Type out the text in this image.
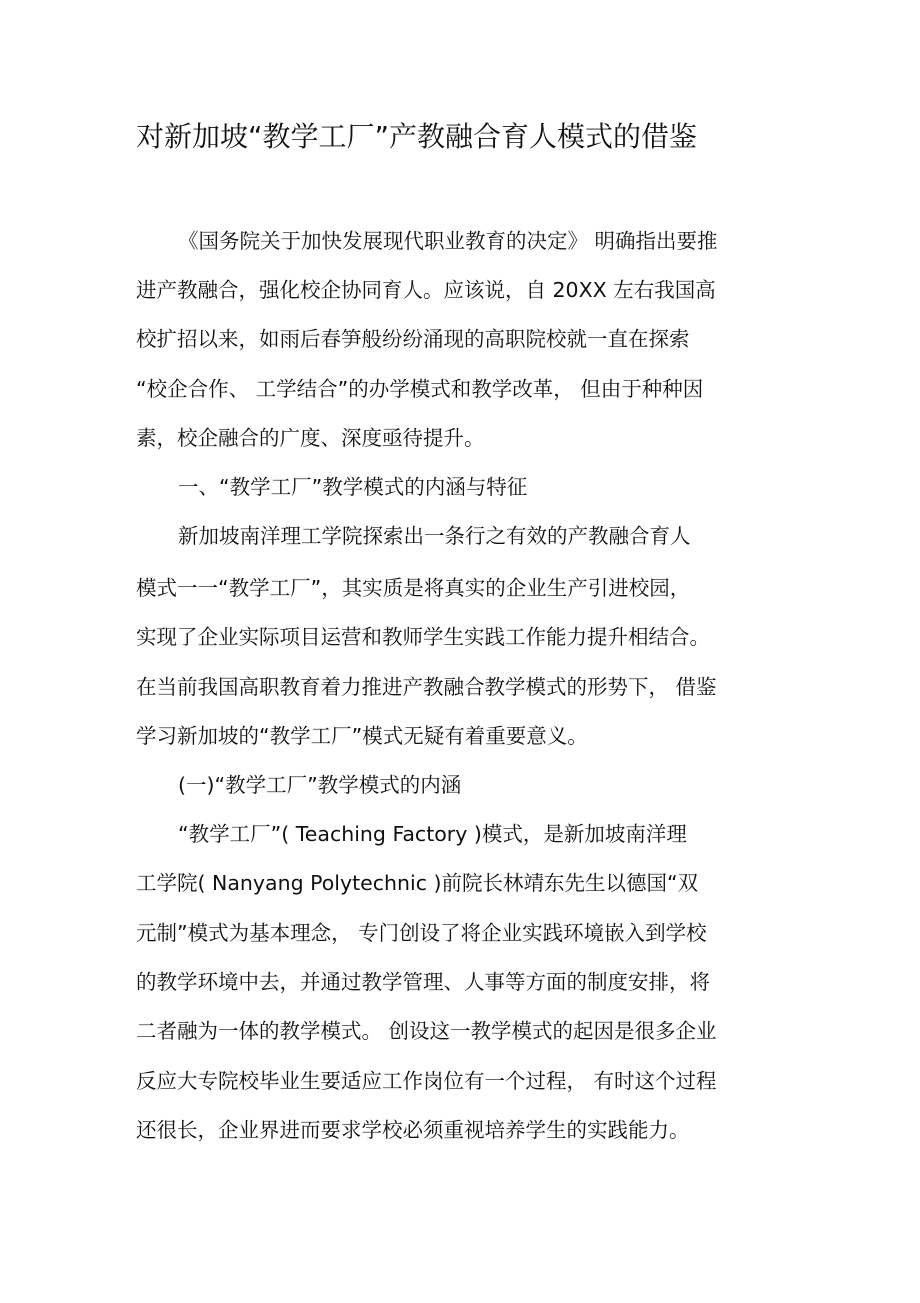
对新加坡“教学工厂”产教融合育人模式的借鉴

《国务院关于加快发展现代职业教育的决定》 明确指出要推

进产教融合，强化校企协同育人。应该说，自 20XX 左右我国高

校扩招以来，如雨后春笋般纷纷涌现的高职院校就一直在探索

“校企合作、 工学结合”的办学模式和教学改革， 但由于种种因

素，校企融合的广度、深度亟待提升。

一、“教学工厂”教学模式的内涵与特征

新加坡南洋理工学院探索出一条行之有效的产教融合育人

模式一一“教学工厂”，其实质是将真实的企业生产引进校园，

实现了企业实际项目运营和教师学生实践工作能力提升相结合。

在当前我国高职教育着力推进产教融合教学模式的形势下， 借鉴

学习新加坡的“教学工厂”模式无疑有着重要意义。

(一)“教学工厂”教学模式的内涵

“教学工厂”( Teaching Factory )模式，是新加坡南洋理

工学院( Nanyang Polytechnic )前院长林靖东先生以德国“双

元制”模式为基本理念， 专门创设了将企业实践环境嵌入到学校

的教学环境中去，并通过教学管理、人事等方面的制度安排，将

二者融为一体的教学模式。 创设这一教学模式的起因是很多企业

反应大专院校毕业生要适应工作岗位有一个过程， 有时这个过程

还很长，企业界进而要求学校必须重视培养学生的实践能力。
